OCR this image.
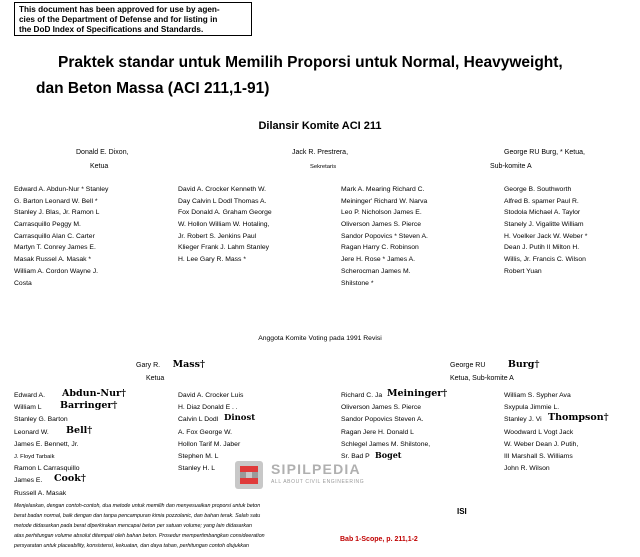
This document has been approved for use by agen-
cies of the Department of Defense and for listing in
the DoD Index of Specifications and Standards.
Praktek standar untuk Memilih Proporsi untuk Normal, Heavyweight,
dan Beton Massa (ACI 211,1-91)
Dilansir Komite ACI 211
Donald E. Dixon,
Ketua
Jack R. Prestrera,
Sekretaris
George RU Burg, * Ketua,
Sub-komite A
Edward A. Abdun-Nur * Stanley
G. Barton Leonard W. Bell *
Stanley J. Blas, Jr. Ramon L
Carrasquillo Peggy M.
Carrasquillo Alan C. Carter
Martyn T. Conrey James E.
Masak Russel A. Masak *
William A. Cordon Wayne J.
Costa
David A. Crocker Kenneth W.
Day Calvin L Dodl Thomas A.
Fox Donald A. Graham George
W. Hollon William W. Hotaling,
Jr. Robert S. Jenkins Paul
Klieger Frank J. Lahm Stanley
H. Lee Gary R. Mass *
Mark A. Mearing Richard C.
Meininger' Richard W. Narva
Leo P. Nicholson James E.
Oliverson James S. Pierce
Sandor Popovics * Steven A.
Ragan Harry C. Robinson
Jere H. Rose * James A.
Scherocman James M.
Shilstone *
George B. Southworth
Alfred B. spamer Paul R.
Stodola Michael A. Taylor
Stanely J. Vigalitte William
H. Voelker Jack W. Weber *
Dean J. Putih II Milton H.
Willis, Jr. Francis C. Wilson
Robert Yuan
Anggota Komite Voting pada 1991 Revisi
Gary R. Mass†
Ketua
George RU Burg†
Ketua, Sub-komite A
Edward A. Abdun-Nur†
William L Barringer†
Stanley G. Barton
Leonard W. Bell†
James E. Bennett, Jr.
J. Floyd Tarbaik
Ramon L Carrasquillo
James E. Cook†
Russell A. Masak
David A. Crocker Luis
H. Diaz Donald E . .
Calvin L Dodl Dinost
A. Fox George W.
Hollon Tarif M. Jaber
Stephen M. L
Stanley H. L
Richard C. Ja Meininger†
Oliverson James S. Pierce
Sandor Popovics Steven A.
Ragan Jere H. Donald L
Schlegel James M. Shilstone,
Sr. Bad P Boget
William S. Sypher Ava
Sxypula Jimmie L.
Stanley J. Vi Thompson†
Woodward L Vogt Jack
W. Weber Dean J. Putih,
III Marshall S. Williams
John R. Wilson
SIPILPEDIA
ALL ABOUT CIVIL ENGINEERING
Menjelaskan, dengan contoh-contoh, dua metode untuk memilih dan menyesuaikan proporsi untuk beton
berat badan normal, baik dengan dan tanpa pencampuran kimia pozzolanic, dan bahan terak. Salah satu
metode didasarkan pada berat diperkirakan mencapai beton per satuan volume; yang lain didasarkan
atas perhitungan volume absolut ditempati oleh bahan beton. Prosedur mempertimbangkan consideeration
persyaratan untuk placeability, konsistensi, kekuatan, dan daya tahan, perhitungan contoh diujukkan
ISI
Bab 1-Scope, p. 211,1-2
